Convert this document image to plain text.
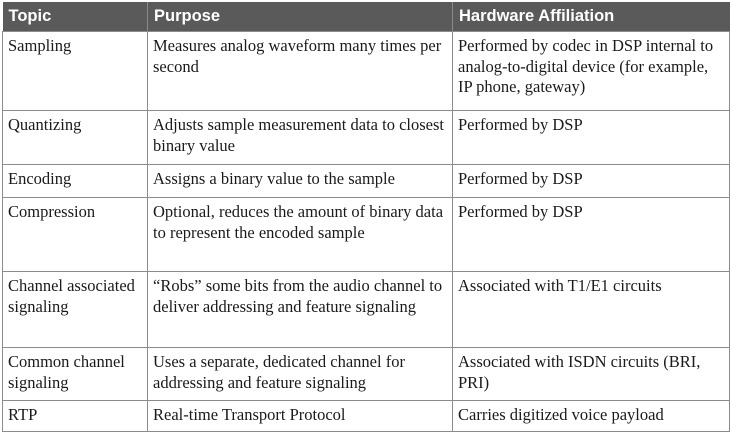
Topic	Purpose	Hardware Affiliation
Sampling	Measures analog waveform many times per second	Performed by codec in DSP internal to analog-to-digital device (for example, IP phone, gateway)
Quantizing	Adjusts sample measurement data to closest binary value	Performed by DSP
Encoding	Assigns a binary value to the sample	Performed by DSP
Compression	Optional, reduces the amount of binary data to represent the encoded sample	Performed by DSP
Channel associated signaling	“Robs” some bits from the audio channel to deliver addressing and feature signaling	Associated with T1/E1 circuits
Common channel signaling	Uses a separate, dedicated channel for addressing and feature signaling	Associated with ISDN circuits (BRI, PRI)
RTP	Real-time Transport Protocol	Carries digitized voice payload
